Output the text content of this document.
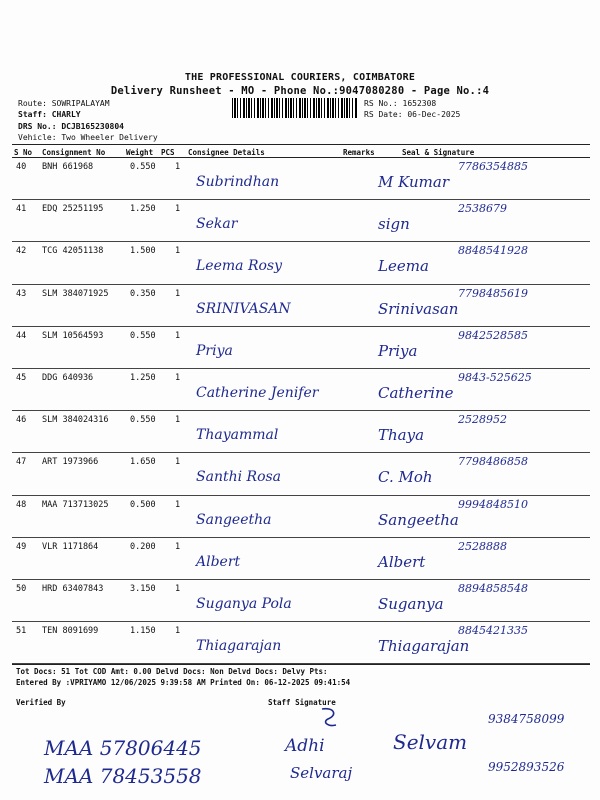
THE PROFESSIONAL COURIERS, COIMBATORE
Delivery Runsheet - MO - Phone No.:9047080280 - Page No.:4
Route: SOWRIPALAYAM
Staff: CHARLY
DRS No.: DCJB165230804
Vehicle: Two Wheeler Delivery
RS No.: 1652308
RS Date: 06-Dec-2025
S No Consignment No	Weight PCS Consignee Details	Remarks	Seal & Signature
40 BNH 661968	0.550 1
Subrindhan	M Kumar
7786354885
41 EDQ 25251195	1.250 1
Sekar	sign
2538679
42 TCG 42051138	1.500 1
Leema Rosy	Leema
8848541928
43 SLM 384071925	0.350 1
SRINIVASAN	Srinivasan
7798485619
44 SLM 10564593	0.550 1
Priya	Priya
9842528585
45 DDG 640936	1.250 1
Catherine Jenifer	Catherine
9843-525625
46 SLM 384024316	0.550 1
Thayammal	Thaya
2528952
47 ART 1973966	1.650 1
Santhi Rosa	C. Moh
7798486858
48 MAA 713713025	0.500 1
Sangeetha	Sangeetha
9994848510
49 VLR 1171864	0.200 1
Albert	Albert
2528888
50 HRD 63407843	3.150 1
Suganya Pola	Suganya
8894858548
51 TEN 8091699	1.150 1
Thiagarajan	Thiagarajan
8845421335
Tot Docs: 51 Tot COD Amt: 0.00 Delvd Docs: Non Delvd Docs: Delvy Pts:
Entered By :VPRIYAMO 12/06/2025 9:39:58 AM Printed On: 06-12-2025 09:41:54
Verified By	Staff Signature
MAA 57806445
MAA 78453558
Adhi
Selvaraj
Selvam
9384758099
9952893526
